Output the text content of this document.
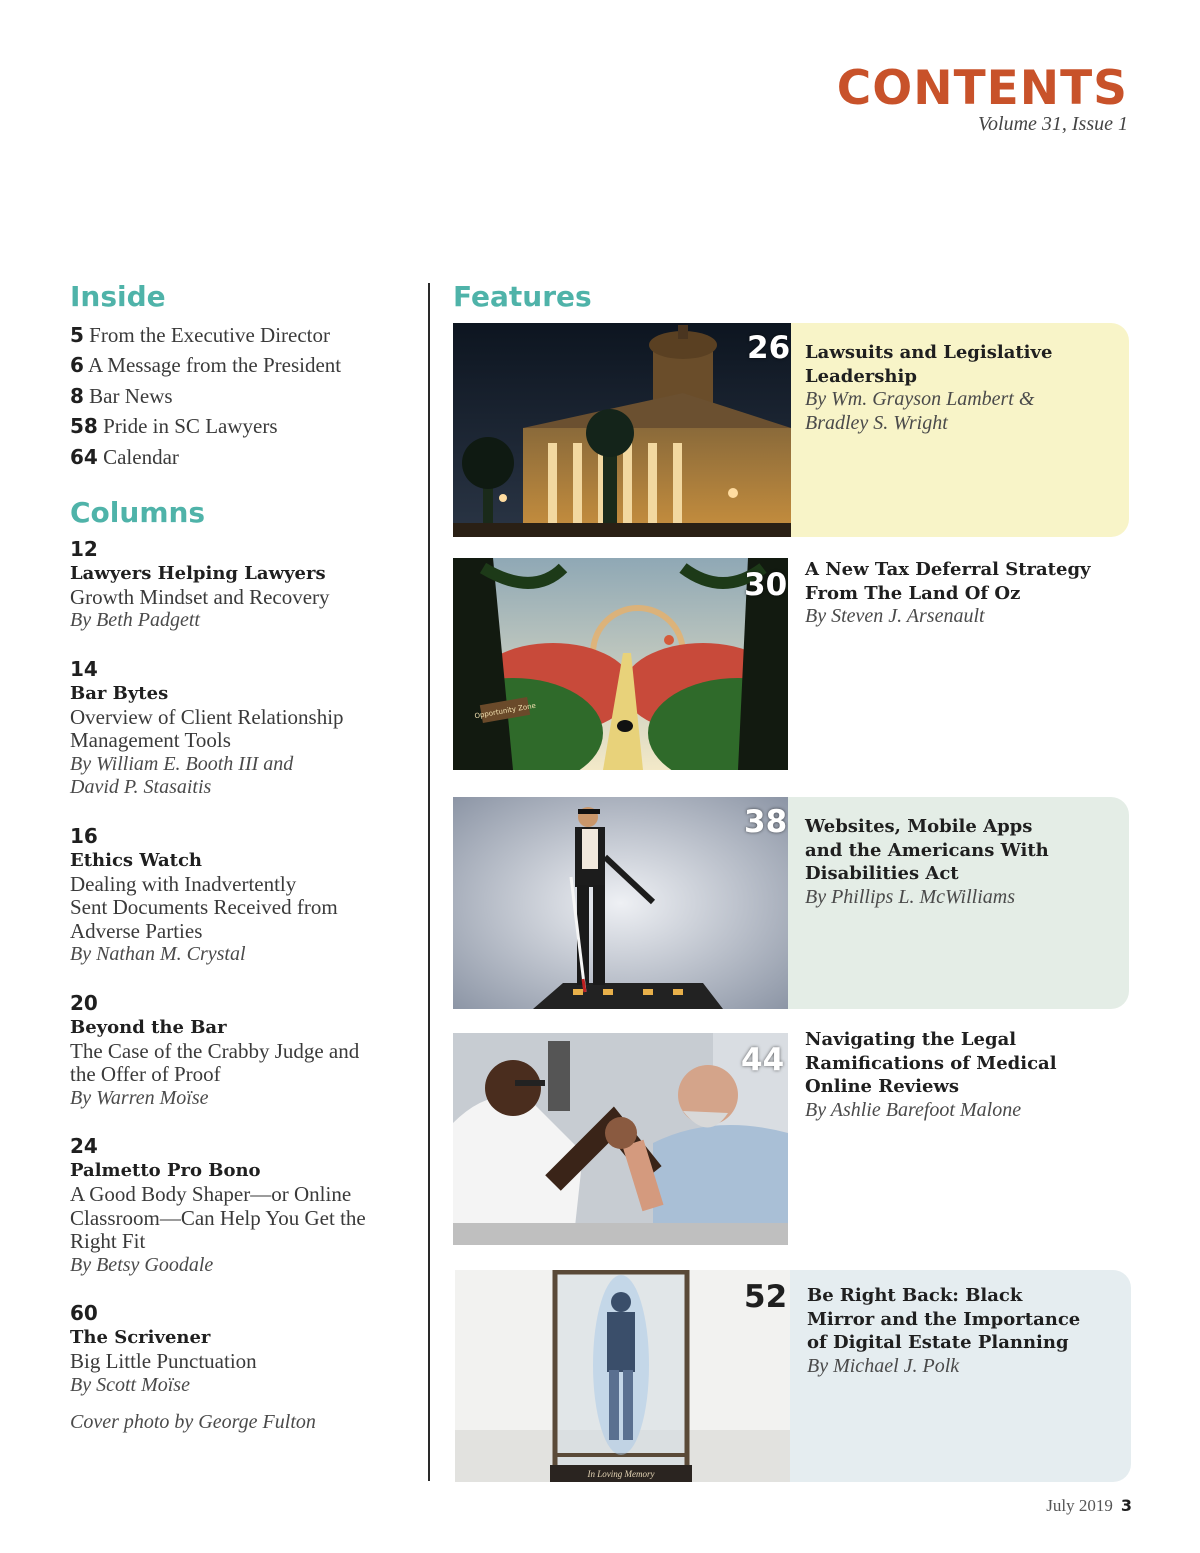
CONTENTS
Volume 31, Issue 1
Inside
5 From the Executive Director
6 A Message from the President
8 Bar News
58 Pride in SC Lawyers
64 Calendar
Columns
12
Lawyers Helping Lawyers
Growth Mindset and Recovery
By Beth Padgett
14
Bar Bytes
Overview of Client Relationship
Management Tools
By William E. Booth III and
David P. Stasaitis
16
Ethics Watch
Dealing with Inadvertently
Sent Documents Received from
Adverse Parties
By Nathan M. Crystal
20
Beyond the Bar
The Case of the Crabby Judge and
the Offer of Proof
By Warren Moïse
24
Palmetto Pro Bono
A Good Body Shaper—or Online
Classroom—Can Help You Get the
Right Fit
By Betsy Goodale
60
The Scrivener
Big Little Punctuation
By Scott Moïse
Cover photo by George Fulton
Features
26 Lawsuits and Legislative
Leadership
By Wm. Grayson Lambert &
Bradley S. Wright
Opportunity Zone
30 A New Tax Deferral Strategy
From The Land Of Oz
By Steven J. Arsenault
38 Websites, Mobile Apps
and the Americans With
Disabilities Act
By Phillips L. McWilliams
44
Navigating the Legal
Ramifications of Medical
Online Reviews
By Ashlie Barefoot Malone
In Loving Memory
52 Be Right Back: Black
Mirror and the Importance
of Digital Estate Planning
By Michael J. Polk
July 2019 3
